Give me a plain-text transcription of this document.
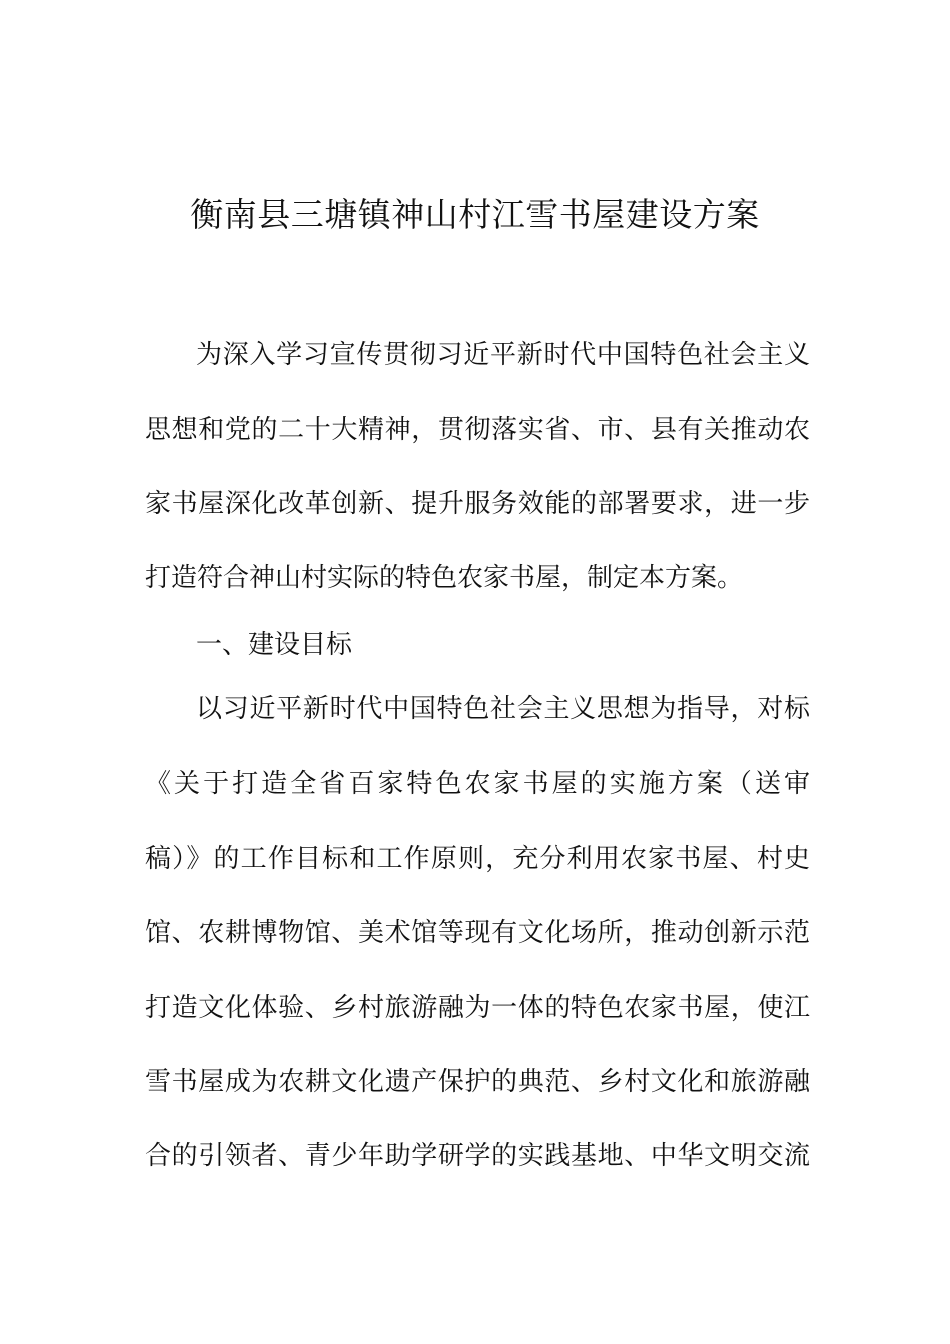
衡南县三塘镇神山村江雪书屋建设方案
为深入学习宣传贯彻习近平新时代中国特色社会主义
思想和党的二十大精神，贯彻落实省、市、县有关推动农
家书屋深化改革创新、提升服务效能的部署要求，进一步
打造符合神山村实际的特色农家书屋，制定本方案。
一、建设目标
以习近平新时代中国特色社会主义思想为指导，对标
《关于打造全省百家特色农家书屋的实施方案（送审
稿）》的工作目标和工作原则，充分利用农家书屋、村史
馆、农耕博物馆、美术馆等现有文化场所，推动创新示范
打造文化体验、乡村旅游融为一体的特色农家书屋，使江
雪书屋成为农耕文化遗产保护的典范、乡村文化和旅游融
合的引领者、青少年助学研学的实践基地、中华文明交流
